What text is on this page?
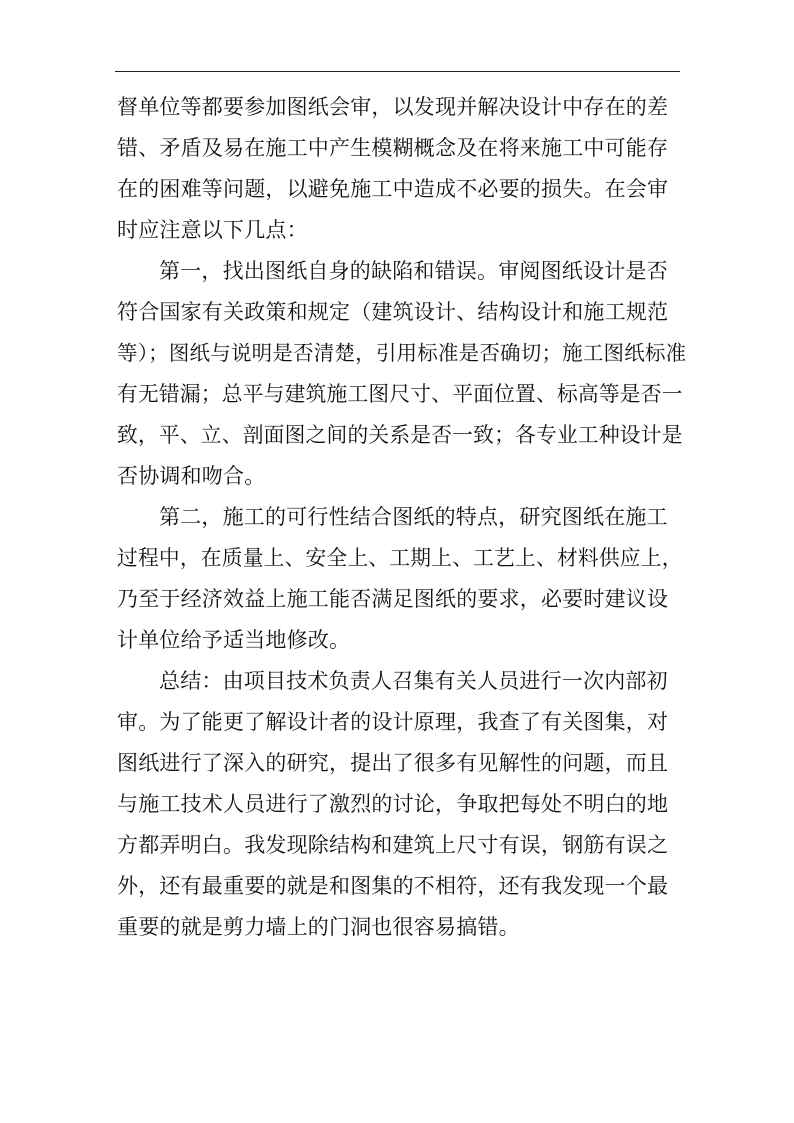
督单位等都要参加图纸会审，以发现并解决设计中存在的差
错、矛盾及易在施工中产生模糊概念及在将来施工中可能存
在的困难等问题，以避免施工中造成不必要的损失。在会审
时应注意以下几点：
第一，找出图纸自身的缺陷和错误。审阅图纸设计是否
符合国家有关政策和规定（建筑设计、结构设计和施工规范
等）；图纸与说明是否清楚，引用标准是否确切；施工图纸标准
有无错漏；总平与建筑施工图尺寸、平面位置、标高等是否一
致，平、立、剖面图之间的关系是否一致；各专业工种设计是
否协调和吻合。
第二，施工的可行性结合图纸的特点，研究图纸在施工
过程中，在质量上、安全上、工期上、工艺上、材料供应上，
乃至于经济效益上施工能否满足图纸的要求，必要时建议设
计单位给予适当地修改。
总结：由项目技术负责人召集有关人员进行一次内部初
审。为了能更了解设计者的设计原理，我查了有关图集，对
图纸进行了深入的研究，提出了很多有见解性的问题，而且
与施工技术人员进行了激烈的讨论，争取把每处不明白的地
方都弄明白。我发现除结构和建筑上尺寸有误，钢筋有误之
外，还有最重要的就是和图集的不相符，还有我发现一个最
重要的就是剪力墙上的门洞也很容易搞错。
